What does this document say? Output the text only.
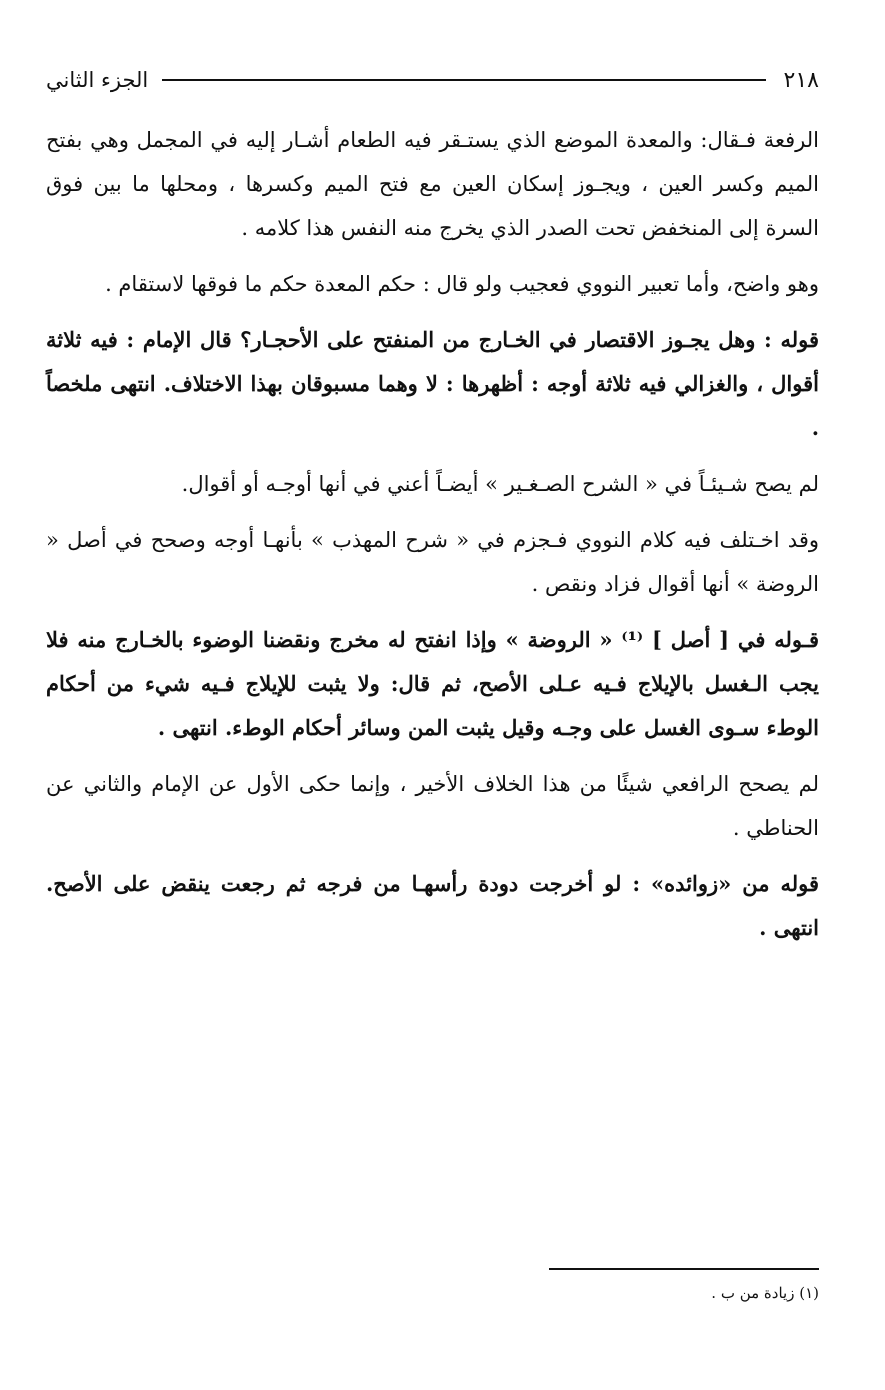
٢١٨
الجزء الثاني

الرفعة فـقال: والمعدة الموضع الذي يستـقر فيه الطعام أشـار إليه في المجمل وهي بفتح الميم وكسر العين ، ويجـوز إسكان العين مع فتح الميم وكسرها ، ومحلها ما بين فوق السرة إلى المنخفض تحت الصدر الذي يخرج منه النفس هذا كلامه .

وهو واضح، وأما تعبير النووي فعجيب ولو قال : حكم المعدة حكم ما فوقها لاستقام .

قوله : وهل يجـوز الاقتصار في الخـارج من المنفتح على الأحجـار؟ قال الإمام : فيه ثلاثة أقوال ، والغزالي فيه ثلاثة أوجه : أظهرها : لا وهما مسبوقان بهذا الاختلاف. انتهى ملخصاً .

لم يصح شـيئـاً في « الشرح الصـغـير » أيضـاً أعني في أنها أوجـه أو أقوال.

وقد اخـتلف فيه كلام النووي فـجزم في « شرح المهذب » بأنهـا أوجه وصحح في أصل « الروضة » أنها أقوال فزاد ونقص .

قـوله في [ أصل ] ⁽¹⁾ « الروضة » وإذا انفتح له مخرج ونقضنا الوضوء بالخـارج منه فلا يجب الـغسل بالإيلاج فـيه عـلى الأصح، ثم قال: ولا يثبت للإيلاج فـيه شيء من أحكام الوطء سـوى الغسل على وجـه وقيل يثبت المن وسائر أحكام الوطء. انتهى .

لم يصحح الرافعي شيئًا من هذا الخلاف الأخير ، وإنما حكى الأول عن الإمام والثاني عن الحناطي .

قوله من «زوائده» : لو أخرجت دودة رأسهـا من فرجه ثم رجعت ينقض على الأصح. انتهى .

(١) زيادة من ب .
